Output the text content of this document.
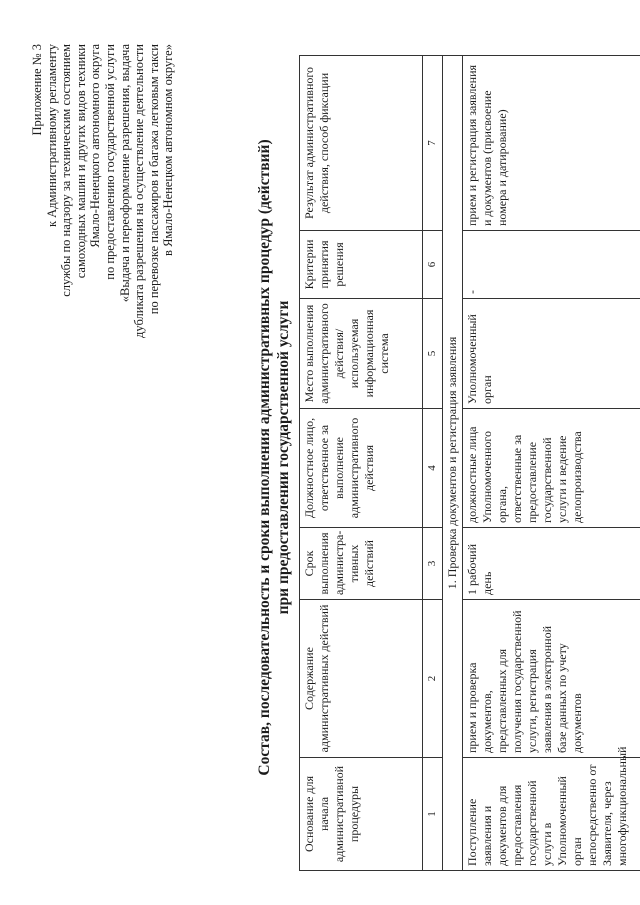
Приложение № 3 к Административному регламенту службы по надзору за техническим состоянием самоходных машин и других видов техники Ямало-Ненецкого автономного округа по предоставлению государственной услуги «Выдача и переоформление разрешения, выдача дубликата разрешения на осуществление деятельности по перевозке пассажиров и багажа легковым такси в Ямало-Ненецком автономном округе»	Состав, последовательность и сроки выполнения административных процедур (действий) при предоставлении государственной услуги
Основание для начала административной процедуры	Содержание административных действий	Срок выполнения администра-тивных действий	Должностное лицо, ответственное за выполнение административного действия	Место выполнения административного действия/ используемая информационная система	Критерии принятия решения	Результат административного действия, способ фиксации
1	2	3	4	5	6	7
1. Проверка документов и регистрация заявления						
Поступление заявления и документов для предоставления государственной услуги в Уполномоченный орган непосредственно от Заявителя, через многофункциональный	прием и проверка документов, представленных для получения государственной услуги, регистрация заявления в электронной базе данных по учету документов	1 рабочий день	должностные лица Уполномоченного органа, ответственные за предоставление государственной услуги и ведение делопроизводства	Уполномоченный орган	-	прием и регистрация заявления и документов (присвоение номера и датирование)
